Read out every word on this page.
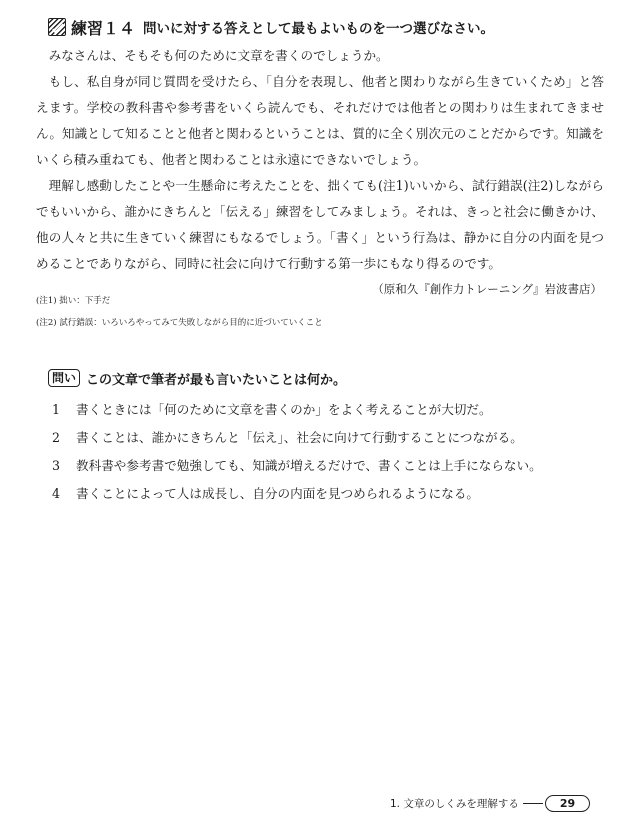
練習１４ 問いに対する答えとして最もよいものを一つ選びなさい。

みなさんは、そもそも何のために文章を書くのでしょうか。

もし、私自身が同じ質問を受けたら、「自分を表現し、他者と関わりながら生きていくため」と答えます。学校の教科書や参考書をいくら読んでも、それだけでは他者との関わりは生まれてきません。知識として知ることと他者と関わるということは、質的に全く別次元のことだからです。知識をいくら積み重ねても、他者と関わることは永遠にできないでしょう。

理解し感動したことや一生懸命に考えたことを、拙くても(注1)いいから、試行錯誤(注2)しながらでもいいから、誰かにきちんと「伝える」練習をしてみましょう。それは、きっと社会に働きかけ、他の人々と共に生きていく練習にもなるでしょう。「書く」という行為は、静かに自分の内面を見つめることでありながら、同時に社会に向けて行動する第一歩にもなり得るのです。

（原和久『創作力トレーニング』岩波書店）

(注1) 拙い：下手だ

(注2) 試行錯誤：いろいろやってみて失敗しながら目的に近づいていくこと

問い この文章で筆者が最も言いたいことは何か。
1	書くときには「何のために文章を書くのか」をよく考えることが大切だ。
2	書くことは、誰かにきちんと「伝え」、社会に向けて行動することにつながる。
3	教科書や参考書で勉強しても、知識が増えるだけで、書くことは上手にならない。
4	書くことによって人は成長し、自分の内面を見つめられるようになる。
1. 文章のしくみを理解する	29
